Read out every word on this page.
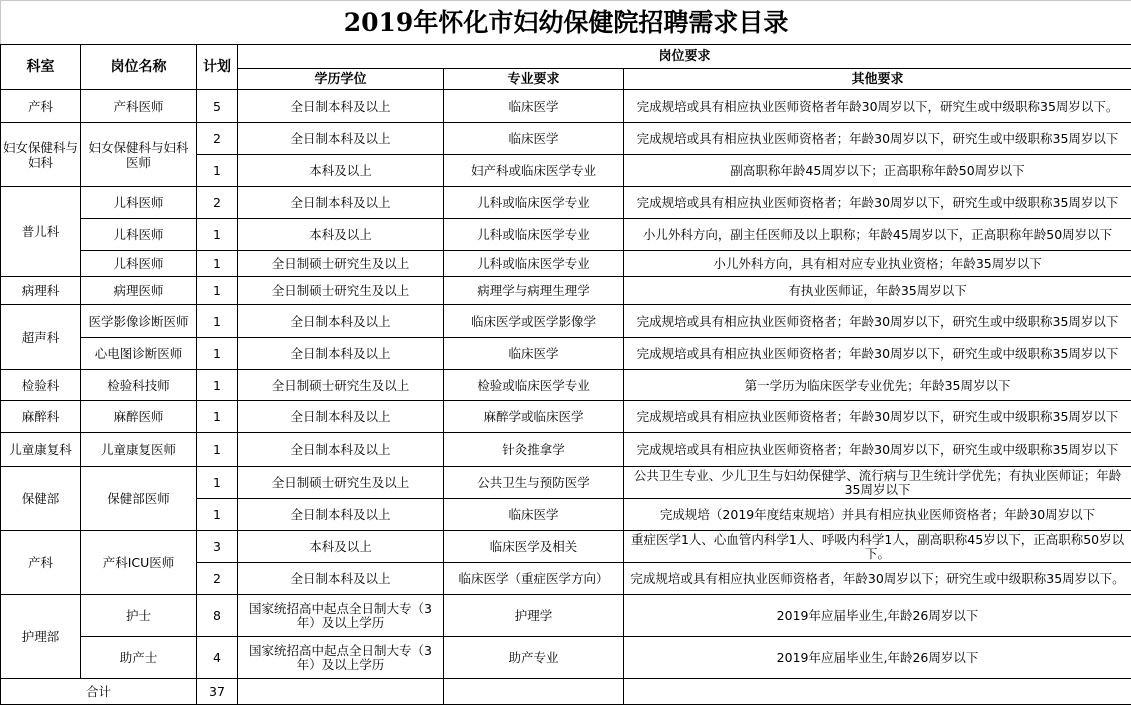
2019年怀化市妇幼保健院招聘需求目录					
科室	岗位名称	计划	岗位要求		
			学历学位	专业要求	其他要求
产科	产科医师	5	全日制本科及以上	临床医学	完成规培或具有相应执业医师资格者年龄30周岁以下，研究生或中级职称35周岁以下。
妇女保健科与妇科	妇女保健科与妇科医师	2	全日制本科及以上	临床医学	完成规培或具有相应执业医师资格者；年龄30周岁以下，研究生或中级职称35周岁以下
		1	本科及以上	妇产科或临床医学专业	副高职称年龄45周岁以下；正高职称年龄50周岁以下
普儿科	儿科医师	2	全日制本科及以上	儿科或临床医学专业	完成规培或具有相应执业医师资格者；年龄30周岁以下，研究生或中级职称35周岁以下
	儿科医师	1	本科及以上	儿科或临床医学专业	小儿外科方向，副主任医师及以上职称；年龄45周岁以下，正高职称年龄50周岁以下
	儿科医师	1	全日制硕士研究生及以上	儿科或临床医学专业	小儿外科方向，具有相对应专业执业资格；年龄35周岁以下
病理科	病理医师	1	全日制硕士研究生及以上	病理学与病理生理学	有执业医师证，年龄35周岁以下
超声科	医学影像诊断医师	1	全日制本科及以上	临床医学或医学影像学	完成规培或具有相应执业医师资格者；年龄30周岁以下，研究生或中级职称35周岁以下
	心电图诊断医师	1	全日制本科及以上	临床医学	完成规培或具有相应执业医师资格者；年龄30周岁以下，研究生或中级职称35周岁以下
检验科	检验科技师	1	全日制硕士研究生及以上	检验或临床医学专业	第一学历为临床医学专业优先；年龄35周岁以下
麻醉科	麻醉医师	1	全日制本科及以上	麻醉学或临床医学	完成规培或具有相应执业医师资格者；年龄30周岁以下，研究生或中级职称35周岁以下
儿童康复科	儿童康复医师	1	全日制本科及以上	针灸推拿学	完成规培或具有相应执业医师资格者；年龄30周岁以下，研究生或中级职称35周岁以下
保健部	保健部医师	1	全日制硕士研究生及以上	公共卫生与预防医学	公共卫生专业、少儿卫生与妇幼保健学、流行病与卫生统计学优先；有执业医师证；年龄35周岁以下
		1	全日制本科及以上	临床医学	完成规培（2019年度结束规培）并具有相应执业医师资格者；年龄30周岁以下
产科	产科ICU医师	3	本科及以上	临床医学及相关	重症医学1人、心血管内科学1人、呼吸内科学1人，副高职称45岁以下，正高职称50岁以下。
		2	全日制本科及以上	临床医学（重症医学方向）	完成规培或具有相应执业医师资格者，年龄30周岁以下；研究生或中级职称35周岁以下。
护理部	护士	8	国家统招高中起点全日制大专（3年）及以上学历	护理学	2019年应届毕业生,年龄26周岁以下
	助产士	4	国家统招高中起点全日制大专（3年）及以上学历	助产专业	2019年应届毕业生,年龄26周岁以下
合计		37			
